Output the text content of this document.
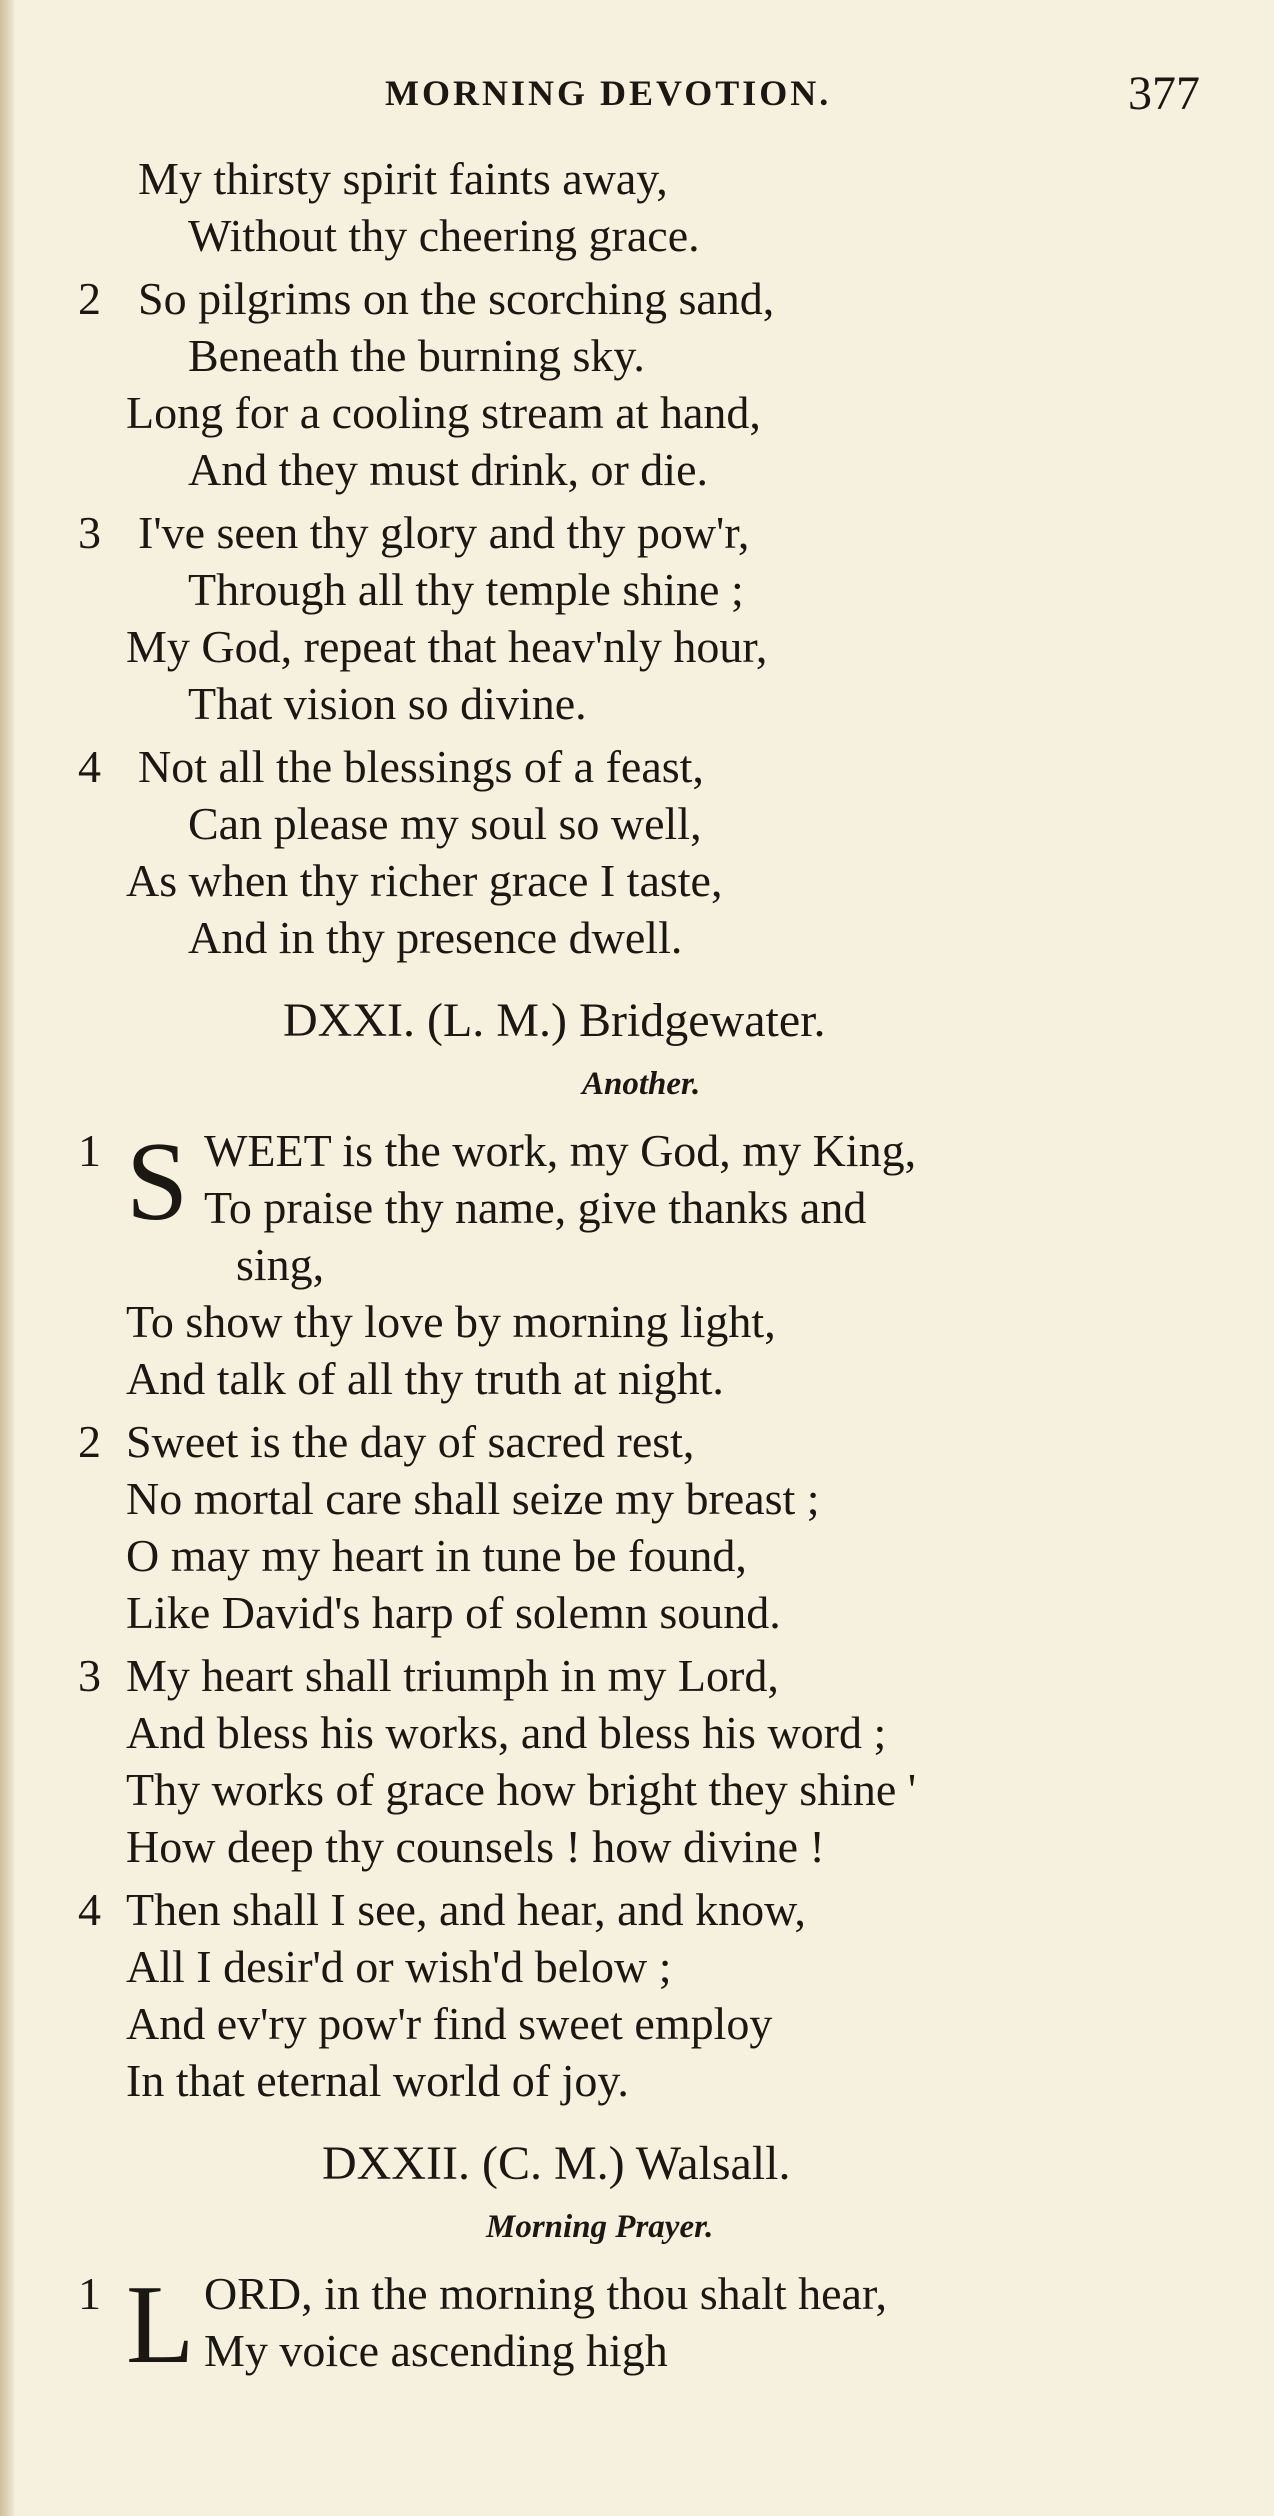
MORNING DEVOTION.	377
My thirsty spirit faints away,
Without thy cheering grace.
2 So pilgrims on the scorching sand,
Beneath the burning sky.
Long for a cooling stream at hand,
And they must drink, or die.
3 I've seen thy glory and thy pow'r,
Through all thy temple shine ;
My God, repeat that heav'nly hour,
That vision so divine.
4 Not all the blessings of a feast,
Can please my soul so well,
As when thy richer grace I taste,
And in thy presence dwell.
DXXI. (L. M.) Bridgewater.
Another.
S
1 WEET is the work, my God, my King,
To praise thy name, give thanks and
sing,
To show thy love by morning light,
And talk of all thy truth at night.
2 Sweet is the day of sacred rest,
No mortal care shall seize my breast ;
O may my heart in tune be found,
Like David's harp of solemn sound.
3 My heart shall triumph in my Lord,
And bless his works, and bless his word ;
Thy works of grace how bright they shine '
How deep thy counsels ! how divine !
4 Then shall I see, and hear, and know,
All I desir'd or wish'd below ;
And ev'ry pow'r find sweet employ
In that eternal world of joy.
DXXII. (C. M.) Walsall.
Morning Prayer.
L
1 ORD, in the morning thou shalt hear,
My voice ascending high
